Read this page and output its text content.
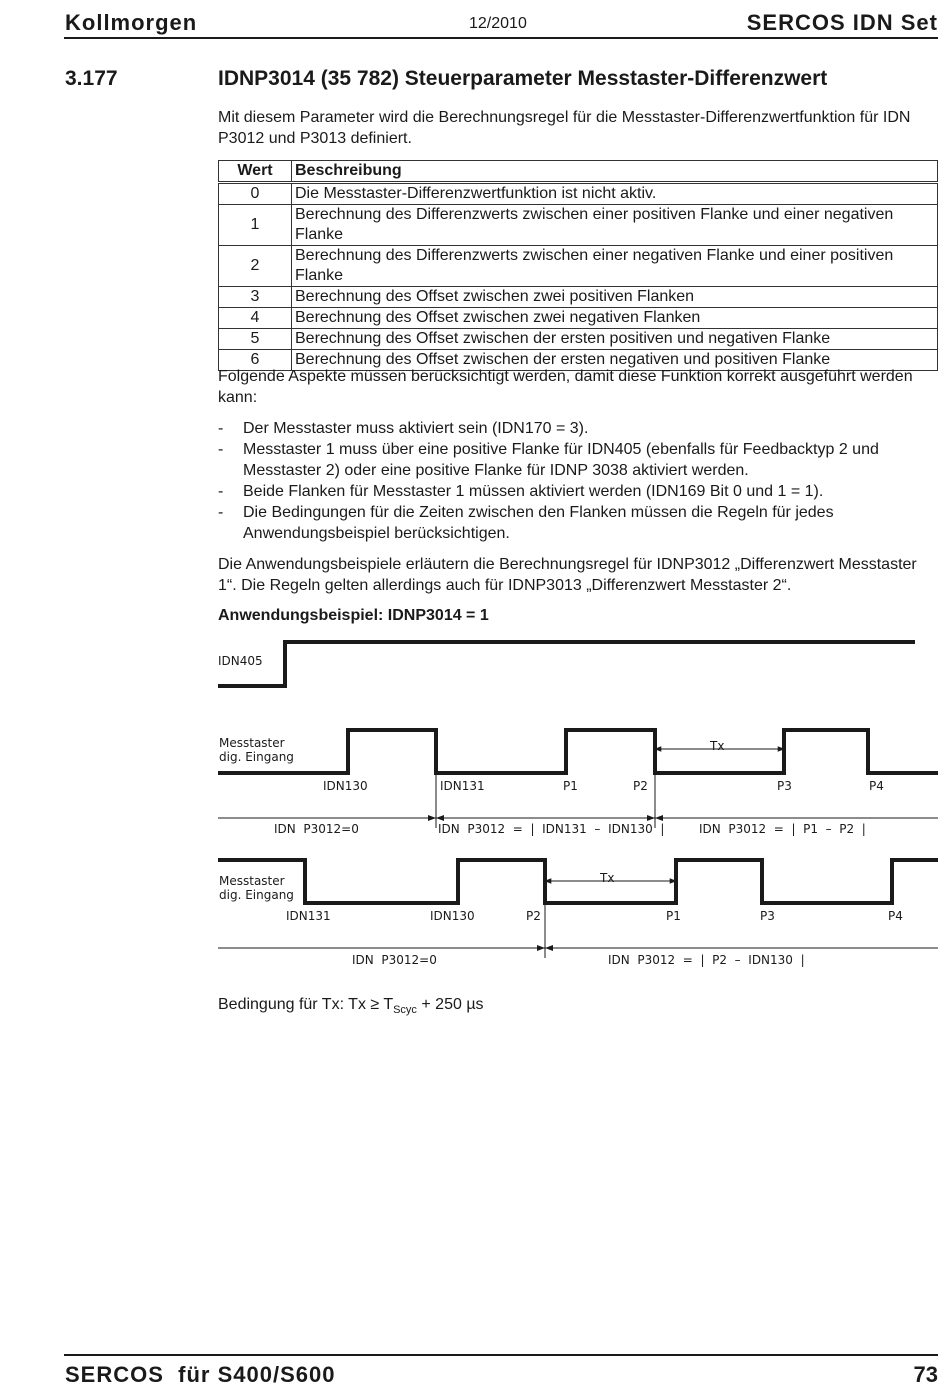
Kollmorgen	12/2010	SERCOS IDN Set
3.177	IDNP3014 (35 782) Steuerparameter Messtaster-Differenzwert
Mit diesem Parameter wird die Berechnungsregel für die Messtaster-Differenzwertfunktion für IDN P3012 und P3013 definiert.
Wert	Beschreibung
0	Die Messtaster-Differenzwertfunktion ist nicht aktiv.
1	Berechnung des Differenzwerts zwischen einer positiven Flanke und einer negativen Flanke
2	Berechnung des Differenzwerts zwischen einer negativen Flanke und einer positiven Flanke
3	Berechnung des Offset zwischen zwei positiven Flanken
4	Berechnung des Offset zwischen zwei negativen Flanken
5	Berechnung des Offset zwischen der ersten positiven und negativen Flanke
6	Berechnung des Offset zwischen der ersten negativen und positiven Flanke
Folgende Aspekte müssen berücksichtigt werden, damit diese Funktion korrekt ausgeführt werden kann:
- Der Messtaster muss aktiviert sein (IDN170 = 3).
- Messtaster 1 muss über eine positive Flanke für IDN405 (ebenfalls für Feedbacktyp 2 und Messtaster 2) oder eine positive Flanke für IDNP 3038 aktiviert werden.
- Beide Flanken für Messtaster 1 müssen aktiviert werden (IDN169 Bit 0 und 1 = 1).
- Die Bedingungen für die Zeiten zwischen den Flanken müssen die Regeln für jedes Anwendungsbeispiel berücksichtigen.
Die Anwendungsbeispiele erläutern die Berechnungsregel für IDNP3012 „Differenzwert Messtaster 1“. Die Regeln gelten allerdings auch für IDNP3013 „Differenzwert Messtaster 2“.
Anwendungsbeispiel: IDNP3014 = 1
IDN405
Messtaster
dig. Eingang
Tx
IDN130	IDN131	P1	P2	P3	P4
IDN  P3012=0	IDN  P3012  =  |  IDN131  –  IDN130  |	IDN  P3012  =  |  P1  –  P2  |
Messtaster
dig. Eingang
Tx
IDN131	IDN130	P2	P1	P3	P4
IDN  P3012=0	IDN  P3012  =  |  P2  –  IDN130  |
Bedingung für Tx: $Tx \ge T_{Scyc} + 250$ µs
SERCOS  für S400/S600	73
